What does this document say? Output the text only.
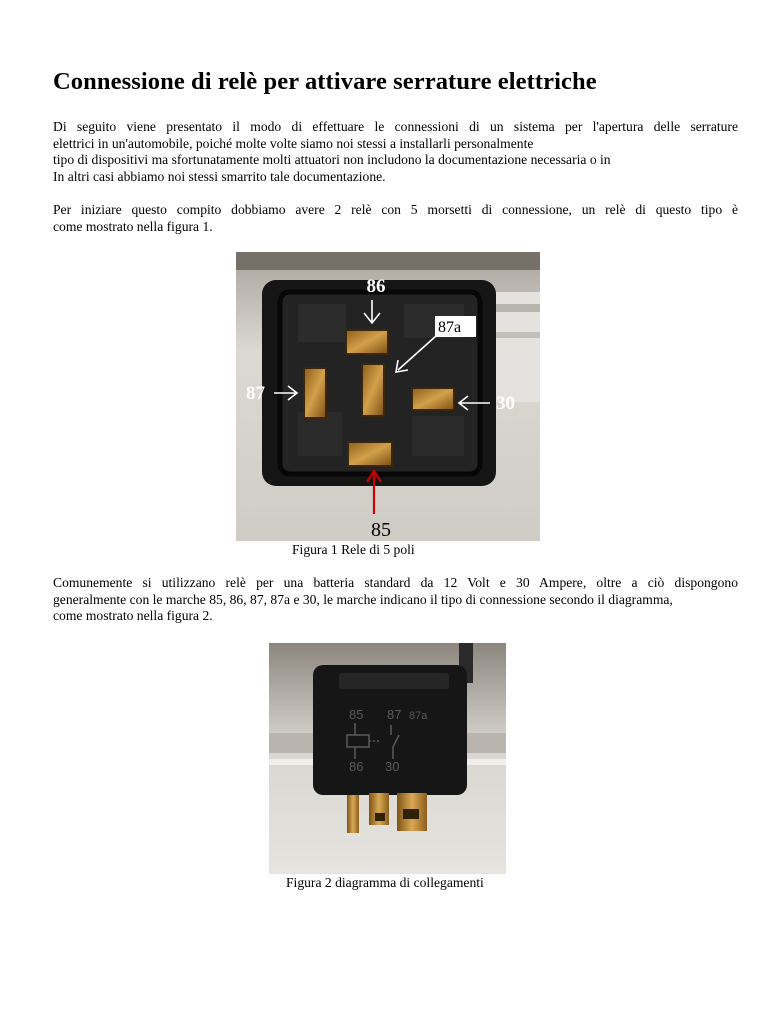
Connessione di relè per attivare serrature elettriche

Di seguito viene presentato il modo di effettuare le connessioni di un sistema per l'apertura delle serrature
elettrici in un'automobile, poiché molte volte siamo noi stessi a installarli personalmente
tipo di dispositivi ma sfortunatamente molti attuatori non includono la documentazione necessaria o in
In altri casi abbiamo noi stessi smarrito tale documentazione.

Per iniziare questo compito dobbiamo avere 2 relè con 5 morsetti di connessione, un relè di questo tipo è
come mostrato nella figura 1.

86
87a
87	30
85

Figura 1 Rele di 5 poli

Comunemente si utilizzano relè per una batteria standard da 12 Volt e 30 Ampere, oltre a ciò dispongono
generalmente con le marche 85, 86, 87, 87a e 30, le marche indicano il tipo di connessione secondo il diagramma,
come mostrato nella figura 2.

85 87 87a
86 30

Figura 2 diagramma di collegamenti
